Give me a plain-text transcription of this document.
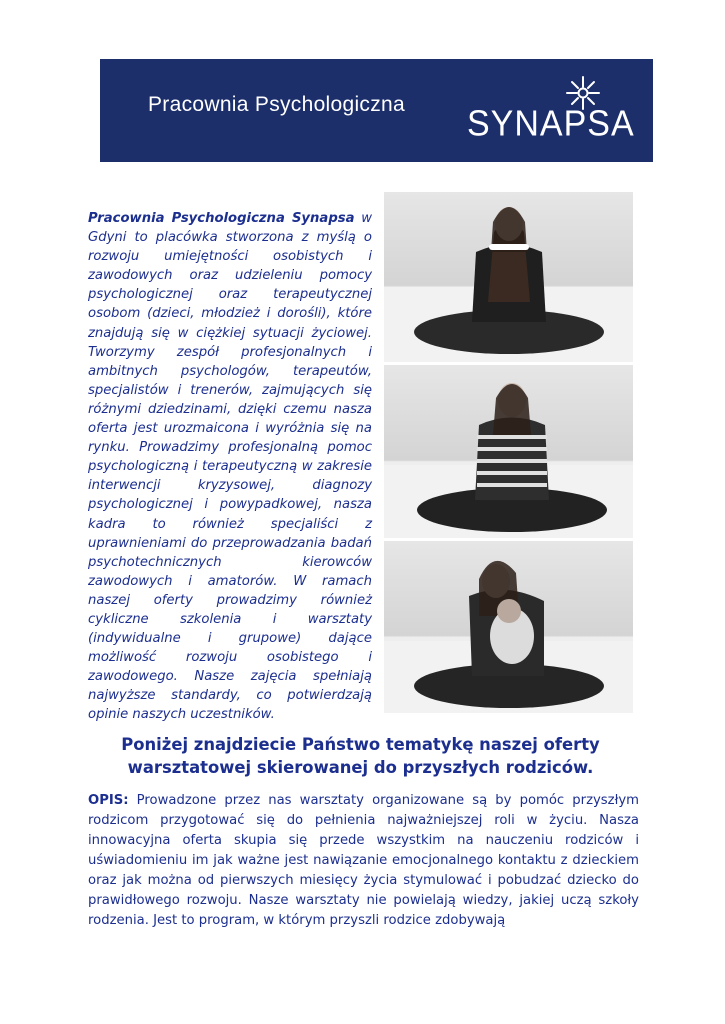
Pracownia Psychologiczna SYNAPSA

Pracownia Psychologiczna Synapsa w Gdyni to placówka stworzona z myślą o rozwoju umiejętności osobistych i zawodowych oraz udzieleniu pomocy psychologicznej oraz terapeutycznej osobom (dzieci, młodzież i dorośli), które znajdują się w ciężkiej sytuacji życiowej. Tworzymy zespół profesjonalnych i ambitnych psychologów, terapeutów, specjalistów i trenerów, zajmujących się różnymi dziedzinami, dzięki czemu nasza oferta jest urozmaicona i wyróżnia się na rynku. Prowadzimy profesjonalną pomoc psychologiczną i terapeutyczną w zakresie interwencji kryzysowej, diagnozy psychologicznej i powypadkowej, nasza kadra to również specjaliści z uprawnieniami do przeprowadzania badań psychotechnicznych kierowców zawodowych i amatorów. W ramach naszej oferty prowadzimy również cykliczne szkolenia i warsztaty (indywidualne i grupowe) dające możliwość rozwoju osobistego i zawodowego. Nasze zajęcia spełniają najwyższe standardy, co potwierdzają opinie naszych uczestników.

Poniżej znajdziecie Państwo tematykę naszej oferty
warsztatowej skierowanej do przyszłych rodziców.

OPIS: Prowadzone przez nas warsztaty organizowane są by pomóc przyszłym rodzicom przygotować się do pełnienia najważniejszej roli w życiu. Nasza innowacyjna oferta skupia się przede wszystkim na nauczeniu rodziców i uświadomieniu im jak ważne jest nawiązanie emocjonalnego kontaktu z dzieckiem oraz jak można od pierwszych miesięcy życia stymulować i pobudzać dziecko do prawidłowego rozwoju. Nasze warsztaty nie powielają wiedzy, jakiej uczą szkoły rodzenia. Jest to program, w którym przyszli rodzice zdobywają
